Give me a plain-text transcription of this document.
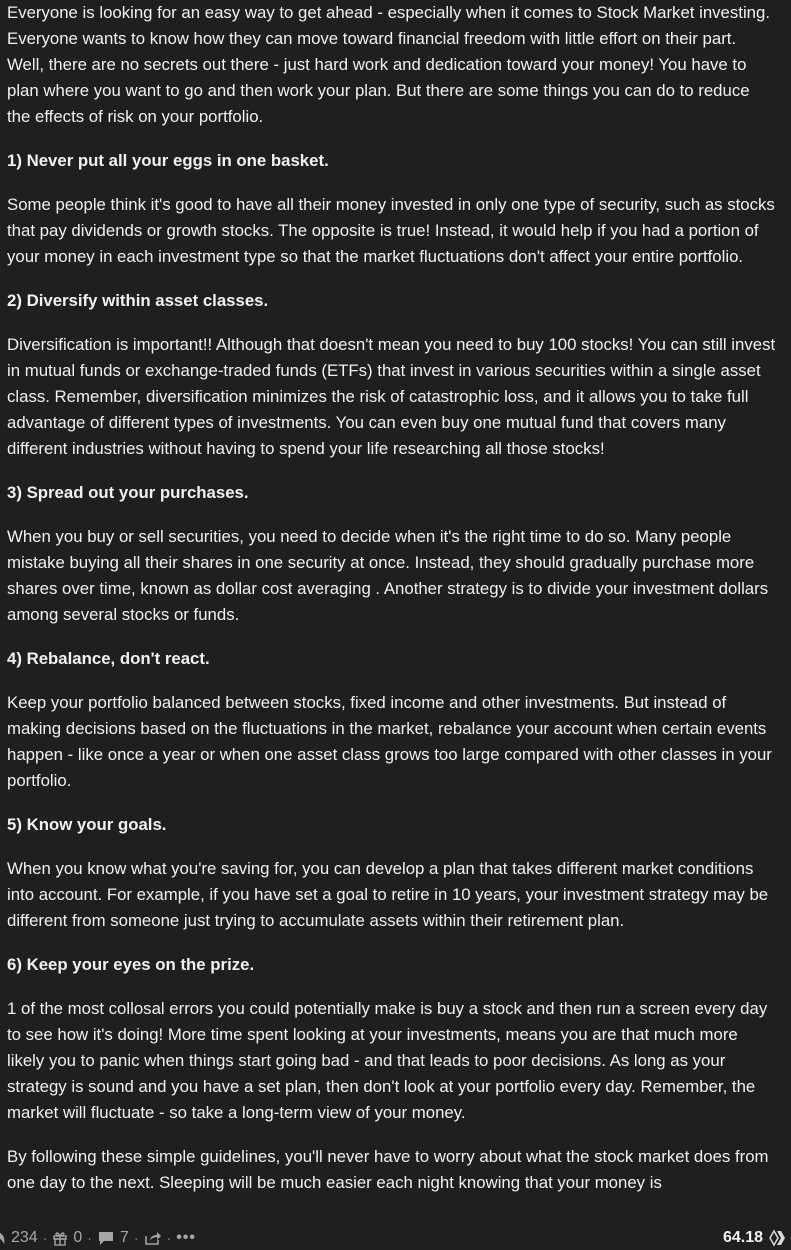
Everyone is looking for an easy way to get ahead - especially when it comes to Stock Market investing. Everyone wants to know how they can move toward financial freedom with little effort on their part. Well, there are no secrets out there - just hard work and dedication toward your money! You have to plan where you want to go and then work your plan. But there are some things you can do to reduce the effects of risk on your portfolio.

1) Never put all your eggs in one basket.

Some people think it's good to have all their money invested in only one type of security, such as stocks that pay dividends or growth stocks. The opposite is true! Instead, it would help if you had a portion of your money in each investment type so that the market fluctuations don't affect your entire portfolio.

2) Diversify within asset classes.

Diversification is important!! Although that doesn't mean you need to buy 100 stocks! You can still invest in mutual funds or exchange-traded funds (ETFs) that invest in various securities within a single asset class. Remember, diversification minimizes the risk of catastrophic loss, and it allows you to take full advantage of different types of investments. You can even buy one mutual fund that covers many different industries without having to spend your life researching all those stocks!

3) Spread out your purchases.

When you buy or sell securities, you need to decide when it's the right time to do so. Many people mistake buying all their shares in one security at once. Instead, they should gradually purchase more shares over time, known as dollar cost averaging . Another strategy is to divide your investment dollars among several stocks or funds.

4) Rebalance, don't react.

Keep your portfolio balanced between stocks, fixed income and other investments. But instead of making decisions based on the fluctuations in the market, rebalance your account when certain events happen - like once a year or when one asset class grows too large compared with other classes in your portfolio.

5) Know your goals.

When you know what you're saving for, you can develop a plan that takes different market conditions into account. For example, if you have set a goal to retire in 10 years, your investment strategy may be different from someone just trying to accumulate assets within their retirement plan.

6) Keep your eyes on the prize.

1 of the most collosal errors you could potentially make is buy a stock and then run a screen every day to see how it's doing! More time spent looking at your investments, means you are that much more likely you to panic when things start going bad - and that leads to poor decisions. As long as your strategy is sound and you have a set plan, then don't look at your portfolio every day. Remember, the market will fluctuate - so take a long-term view of your money.

By following these simple guidelines, you'll never have to worry about what the stock market does from one day to the next. Sleeping will be much easier each night knowing that your money is

234 · 0 · 7 · · •••	64.18
